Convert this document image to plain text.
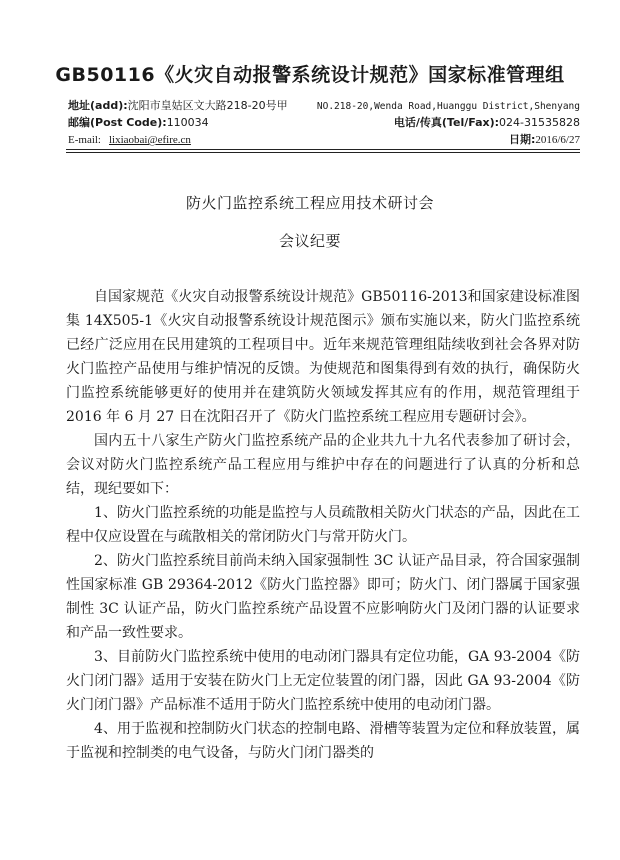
GB50116《火灾自动报警系统设计规范》国家标准管理组
地址(add):沈阳市皇姑区文大路218-20号甲	NO.218-20,Wenda Road,Huanggu District,Shenyang
邮编(Post Code):110034	电话/传真(Tel/Fax):024-31535828
E-mail: lixiaobai@efire.cn	日期:2016/6/27
防火门监控系统工程应用技术研讨会
会议纪要

自国家规范《火灾自动报警系统设计规范》GB50116-2013和国家建设标准图集 14X505-1《火灾自动报警系统设计规范图示》颁布实施以来，防火门监控系统已经广泛应用在民用建筑的工程项目中。近年来规范管理组陆续收到社会各界对防火门监控产品使用与维护情况的反馈。为使规范和图集得到有效的执行，确保防火门监控系统能够更好的使用并在建筑防火领域发挥其应有的作用，规范管理组于 2016 年 6 月 27 日在沈阳召开了《防火门监控系统工程应用专题研讨会》。

国内五十八家生产防火门监控系统产品的企业共九十九名代表参加了研讨会，会议对防火门监控系统产品工程应用与维护中存在的问题进行了认真的分析和总结，现纪要如下：

1、防火门监控系统的功能是监控与人员疏散相关防火门状态的产品，因此在工程中仅应设置在与疏散相关的常闭防火门与常开防火门。

2、防火门监控系统目前尚未纳入国家强制性 3C 认证产品目录，符合国家强制性国家标准 GB 29364-2012《防火门监控器》即可；防火门、闭门器属于国家强制性 3C 认证产品，防火门监控系统产品设置不应影响防火门及闭门器的认证要求和产品一致性要求。

3、目前防火门监控系统中使用的电动闭门器具有定位功能，GA 93-2004《防火门闭门器》适用于安装在防火门上无定位装置的闭门器，因此 GA 93-2004《防火门闭门器》产品标准不适用于防火门监控系统中使用的电动闭门器。

4、用于监视和控制防火门状态的控制电路、滑槽等装置为定位和释放装置，属于监视和控制类的电气设备，与防火门闭门器类的
